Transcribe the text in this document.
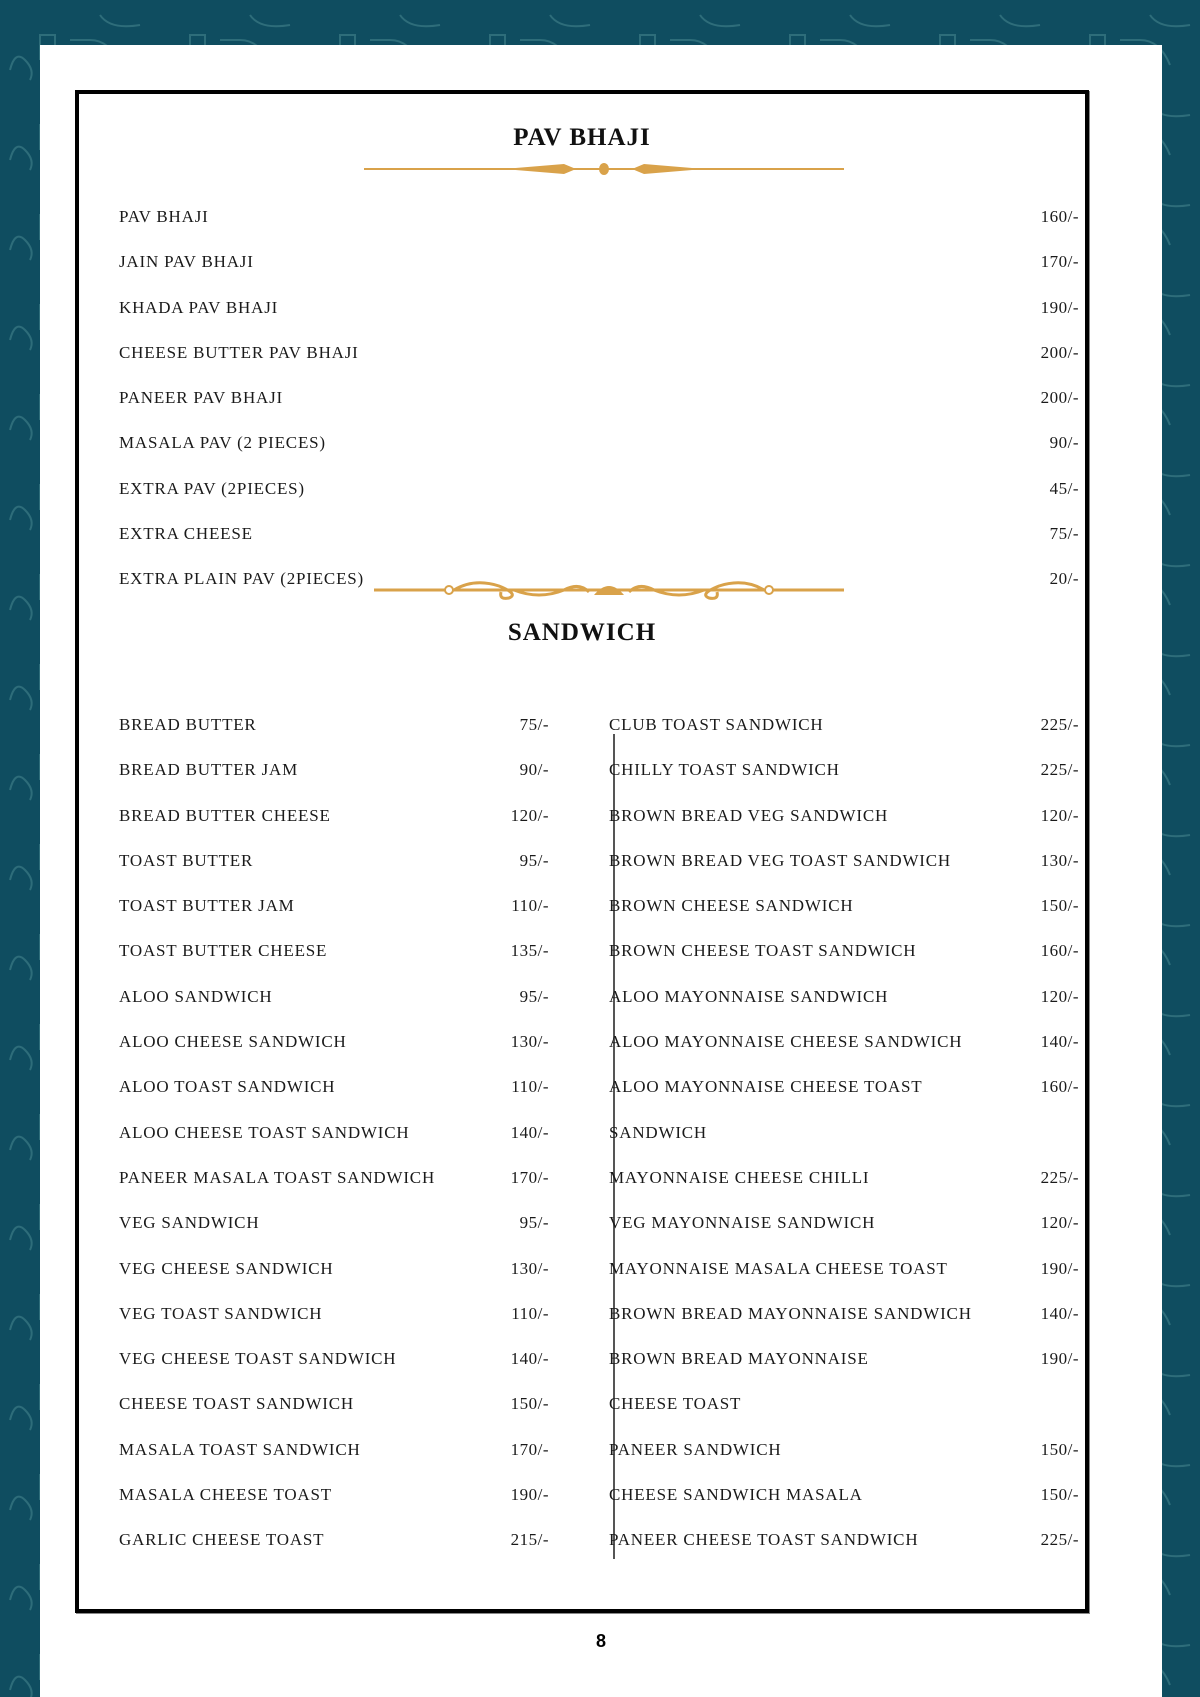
PAV BHAJI
PAV BHAJI	160/-
JAIN PAV BHAJI	170/-
KHADA PAV BHAJI	190/-
CHEESE BUTTER PAV BHAJI	200/-
PANEER PAV BHAJI	200/-
MASALA PAV (2 PIECES)	90/-
EXTRA PAV (2PIECES)	45/-
EXTRA CHEESE	75/-
EXTRA PLAIN PAV (2PIECES)	20/-
SANDWICH
BREAD BUTTER	75/-
BREAD BUTTER JAM	90/-
BREAD BUTTER CHEESE	120/-
TOAST BUTTER	95/-
TOAST BUTTER JAM	110/-
TOAST BUTTER CHEESE	135/-
ALOO SANDWICH	95/-
ALOO CHEESE SANDWICH	130/-
ALOO TOAST SANDWICH	110/-
ALOO CHEESE TOAST SANDWICH	140/-
PANEER MASALA TOAST SANDWICH	170/-
VEG SANDWICH	95/-
VEG CHEESE SANDWICH	130/-
VEG TOAST SANDWICH	110/-
VEG CHEESE TOAST SANDWICH	140/-
CHEESE TOAST SANDWICH	150/-
MASALA TOAST SANDWICH	170/-
MASALA CHEESE TOAST	190/-
GARLIC CHEESE TOAST	215/-
CLUB TOAST SANDWICH	225/-
CHILLY TOAST SANDWICH	225/-
BROWN BREAD VEG SANDWICH	120/-
BROWN BREAD VEG TOAST SANDWICH	130/-
BROWN CHEESE SANDWICH	150/-
BROWN CHEESE TOAST SANDWICH	160/-
ALOO MAYONNAISE SANDWICH	120/-
ALOO MAYONNAISE CHEESE SANDWICH	140/-
ALOO MAYONNAISE CHEESE TOAST
SANDWICH
160/-
MAYONNAISE CHEESE CHILLI	225/-
VEG MAYONNAISE SANDWICH	120/-
MAYONNAISE MASALA CHEESE TOAST	190/-
BROWN BREAD MAYONNAISE SANDWICH	140/-
BROWN BREAD MAYONNAISE
CHEESE TOAST
190/-
PANEER SANDWICH	150/-
CHEESE SANDWICH MASALA	150/-
PANEER CHEESE TOAST SANDWICH	225/-
8
